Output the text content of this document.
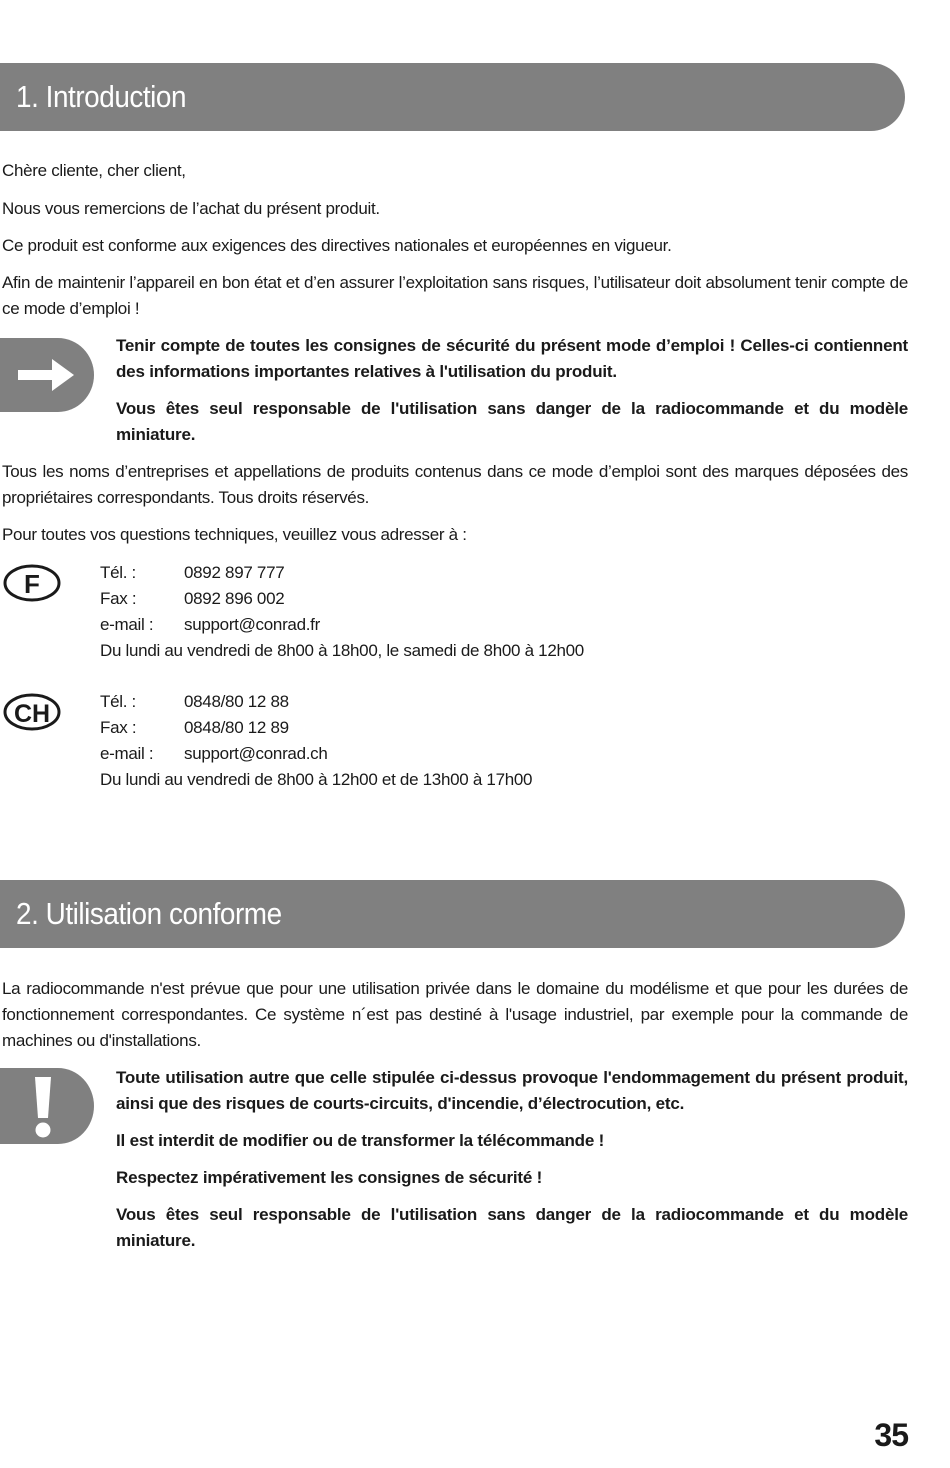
1. Introduction

Chère cliente, cher client,

Nous vous remercions de l’achat du présent produit.

Ce produit est conforme aux exigences des directives nationales et européennes en vigueur.

Afin de maintenir l’appareil en bon état et d’en assurer l’exploitation sans risques, l’utilisateur doit absolument tenir compte de ce mode d’emploi !

Tenir compte de toutes les consignes de sécurité du présent mode d’emploi ! Celles-ci contiennent des informations importantes relatives à l'utilisation du produit.

Vous êtes seul responsable de l'utilisation sans danger de la radiocommande et du modèle miniature.

Tous les noms d’entreprises et appellations de produits contenus dans ce mode d’emploi sont des marques déposées des propriétaires correspondants. Tous droits réservés.

Pour toutes vos questions techniques, veuillez vous adresser à :

F	Tél. :	0892 897 777
Fax :	0892 896 002
e-mail :	support@conrad.fr
Du lundi au vendredi de 8h00 à 18h00, le samedi de 8h00 à 12h00
CH	Tél. :	0848/80 12 88
Fax :	0848/80 12 89
e-mail :	support@conrad.ch
Du lundi au vendredi de 8h00 à 12h00 et de 13h00 à 17h00
2. Utilisation conforme

La radiocommande n'est prévue que pour une utilisation privée dans le domaine du modélisme et que pour les durées de fonctionnement correspondantes. Ce système n´est pas destiné à l'usage industriel, par exemple pour la commande de machines ou d'installations.

Toute utilisation autre que celle stipulée ci-dessus provoque l'endommagement du présent produit, ainsi que des risques de courts-circuits, d'incendie, d’électrocution, etc.

Il est interdit de modifier ou de transformer la télécommande !

Respectez impérativement les consignes de sécurité !

Vous êtes seul responsable de l'utilisation sans danger de la radiocommande et du modèle miniature.

35
